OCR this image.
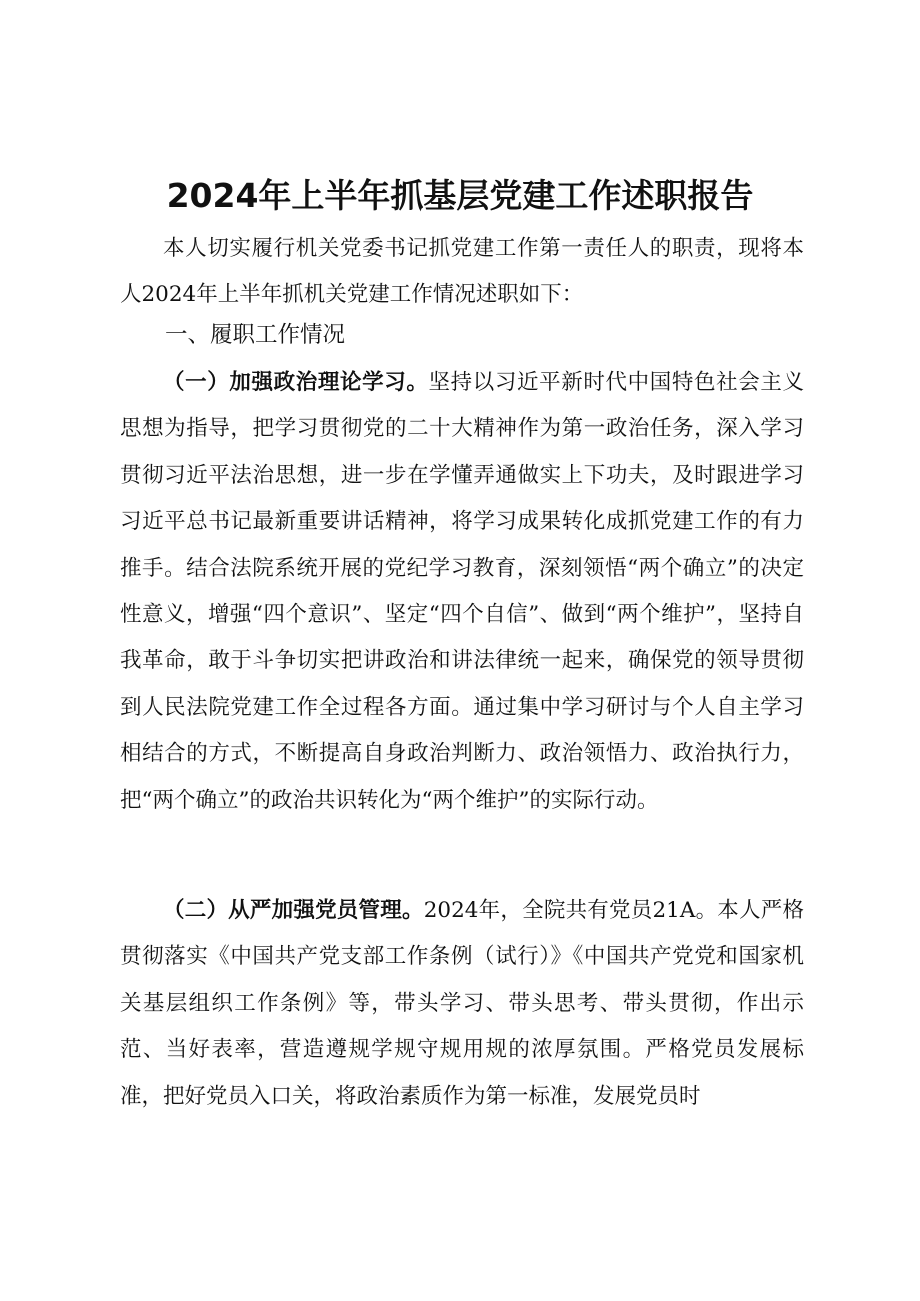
2024年上半年抓基层党建工作述职报告

本人切实履行机关党委书记抓党建工作第一责任人的职责，现将本人2024年上半年抓机关党建工作情况述职如下：

一、履职工作情况

（一）加强政治理论学习。坚持以习近平新时代中国特色社会主义思想为指导，把学习贯彻党的二十大精神作为第一政治任务，深入学习贯彻习近平法治思想，进一步在学懂弄通做实上下功夫，及时跟进学习习近平总书记最新重要讲话精神，将学习成果转化成抓党建工作的有力推手。结合法院系统开展的党纪学习教育，深刻领悟“两个确立”的决定性意义，增强“四个意识”、坚定“四个自信”、做到“两个维护”，坚持自我革命，敢于斗争切实把讲政治和讲法律统一起来，确保党的领导贯彻到人民法院党建工作全过程各方面。通过集中学习研讨与个人自主学习相结合的方式，不断提高自身政治判断力、政治领悟力、政治执行力，把“两个确立”的政治共识转化为“两个维护”的实际行动。

（二）从严加强党员管理。2024年，全院共有党员21A。本人严格贯彻落实《中国共产党支部工作条例（试行）》《中国共产党党和国家机关基层组织工作条例》等，带头学习、带头思考、带头贯彻，作出示范、当好表率，营造遵规学规守规用规的浓厚氛围。严格党员发展标准，把好党员入口关，将政治素质作为第一标准，发展党员时
